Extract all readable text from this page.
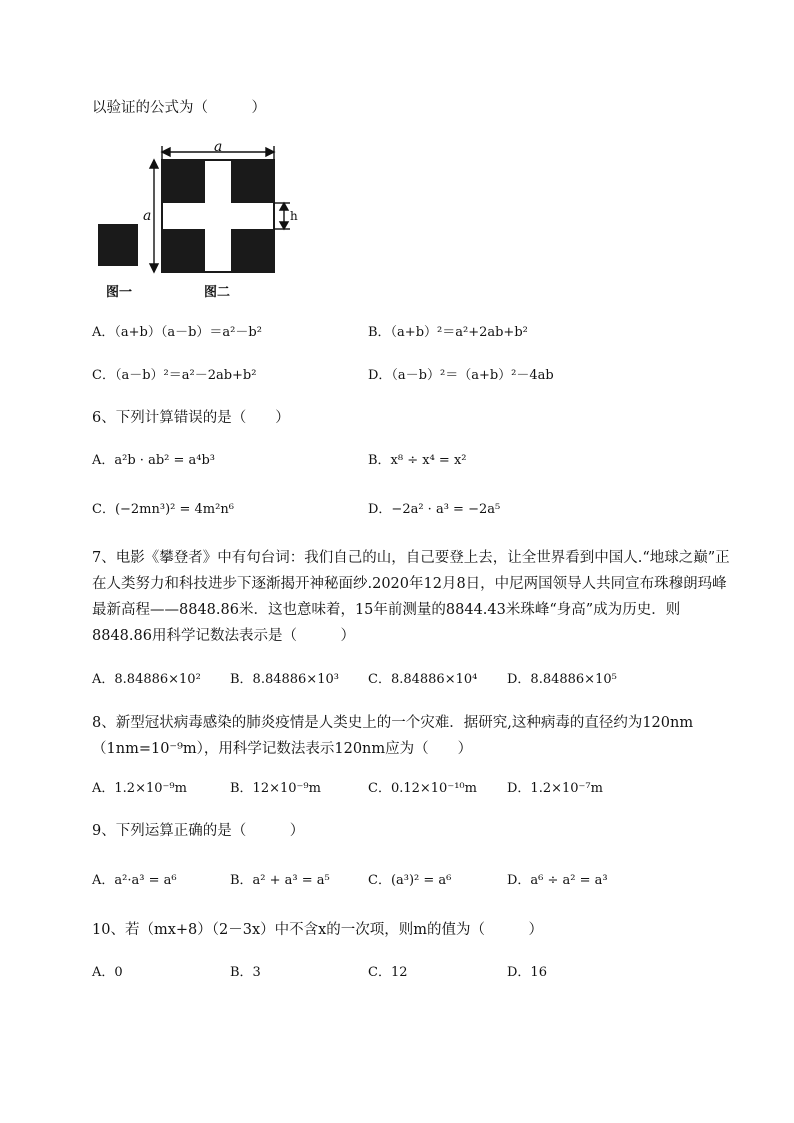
以验证的公式为（　　　）
a
a	h
图一	图二
A．（a+b）（a－b）＝a²－b²	B．（a+b）²＝a²+2ab+b²
C．（a－b）²＝a²－2ab+b²	D．（a－b）²＝（a+b）²－4ab
6、下列计算错误的是（　　）
A．a²b · ab² = a⁴b³	B．x⁸ ÷ x⁴ = x²
C．(−2mn³)² = 4m²n⁶	D．−2a² · a³ = −2a⁵
7、电影《攀登者》中有句台词：我们自己的山，自己要登上去，让全世界看到中国人.“地球之巅”正在人类努力和科技进步下逐渐揭开神秘面纱.2020年12月8日，中尼两国领导人共同宣布珠穆朗玛峰最新高程——8848.86米．这也意味着，15年前测量的8844.43米珠峰“身高”成为历史．则8848.86用科学记数法表示是（　　　）
A．8.84886×10² B．8.84886×10³ C．8.84886×10⁴ D．8.84886×10⁵
8、新型冠状病毒感染的肺炎疫情是人类史上的一个灾难．据研究,这种病毒的直径约为120nm（1nm=10⁻⁹m），用科学记数法表示120nm应为（　　）
A．1.2×10⁻⁹m	B．12×10⁻⁹m	C．0.12×10⁻¹⁰m D．1.2×10⁻⁷m
9、下列运算正确的是（　　　）
A．a²·a³ = a⁶	B．a² + a³ = a⁵	C．(a³)² = a⁶	D．a⁶ ÷ a² = a³
10、若（mx+8）（2－3x）中不含x的一次项，则m的值为（　　　）
A．0	B．3	C．12	D．16
